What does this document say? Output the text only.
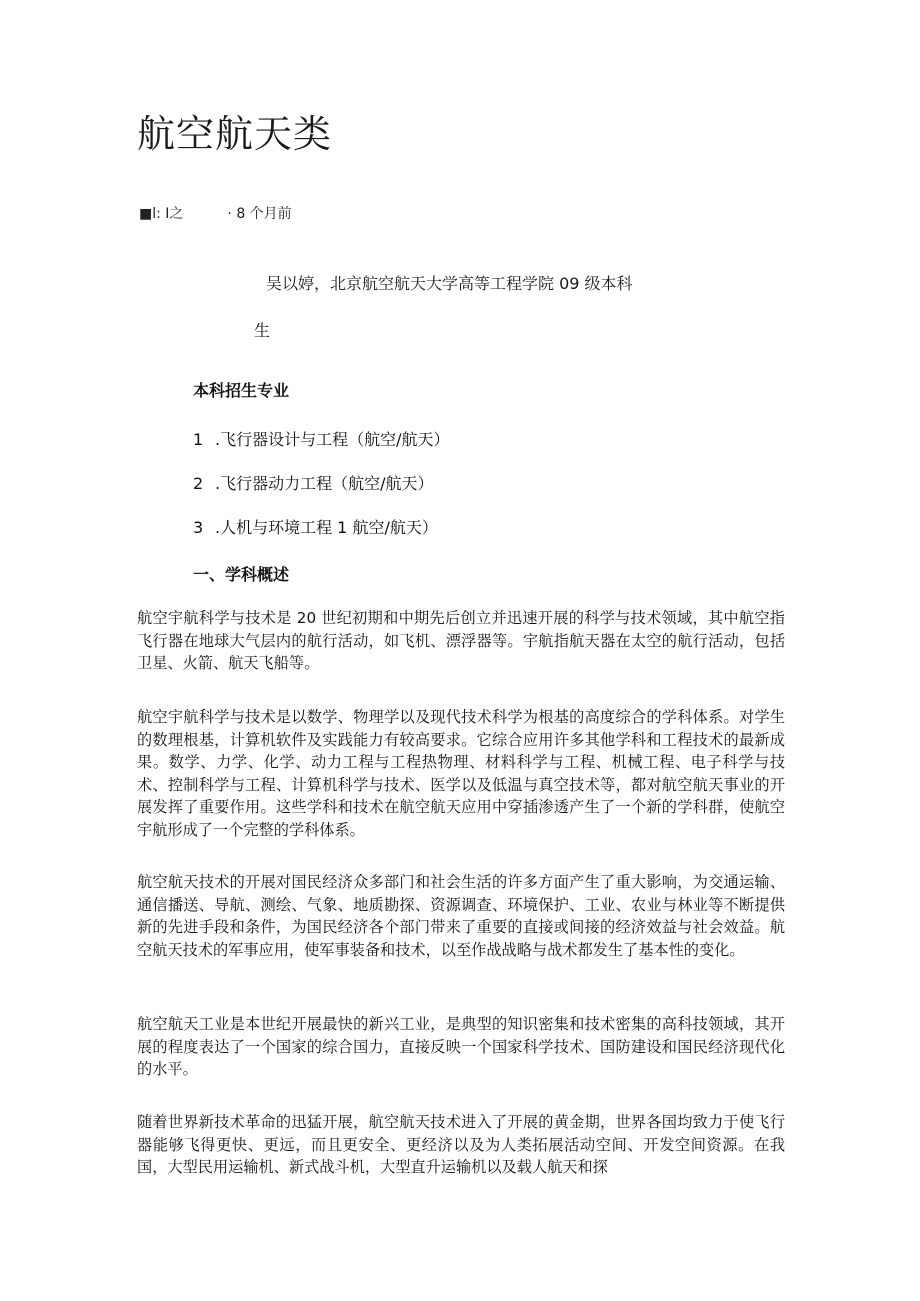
航空航天类
■l: I之	· 8 个月前
吴以婷，北京航空航天大学高等工程学院 09 级本科
生
本科招生专业
1 .飞行器设计与工程（航空/航天）
2 .飞行器动力工程（航空/航天）
3 .人机与环境工程 1 航空/航天）
一、学科概述

航空宇航科学与技术是 20 世纪初期和中期先后创立并迅速开展的科学与技术领域，其中航空指飞行器在地球大气层内的航行活动，如飞机、漂浮器等。宇航指航天器在太空的航行活动，包括卫星、火箭、航天飞船等。

航空宇航科学与技术是以数学、物理学以及现代技术科学为根基的高度综合的学科体系。对学生的数理根基，计算机软件及实践能力有较高要求。它综合应用许多其他学科和工程技术的最新成果。数学、力学、化学、动力工程与工程热物理、材料科学与工程、机械工程、电子科学与技术、控制科学与工程、计算机科学与技术、医学以及低温与真空技术等，都对航空航天事业的开展发挥了重要作用。这些学科和技术在航空航天应用中穿插渗透产生了一个新的学科群，使航空宇航形成了一个完整的学科体系。

航空航天技术的开展对国民经济众多部门和社会生活的许多方面产生了重大影响，为交通运输、通信播送、导航、测绘、气象、地质勘探、资源调查、环境保护、工业、农业与林业等不断提供新的先进手段和条件，为国民经济各个部门带来了重要的直接或间接的经济效益与社会效益。航空航天技术的军事应用，使军事装备和技术，以至作战战略与战术都发生了基本性的变化。

航空航天工业是本世纪开展最快的新兴工业，是典型的知识密集和技术密集的高科技领域，其开展的程度表达了一个国家的综合国力，直接反映一个国家科学技术、国防建设和国民经济现代化的水平。

随着世界新技术革命的迅猛开展，航空航天技术进入了开展的黄金期，世界各国均致力于使飞行器能够飞得更快、更远，而且更安全、更经济以及为人类拓展活动空间、开发空间资源。在我国，大型民用运输机、新式战斗机，大型直升运输机以及载人航天和探
